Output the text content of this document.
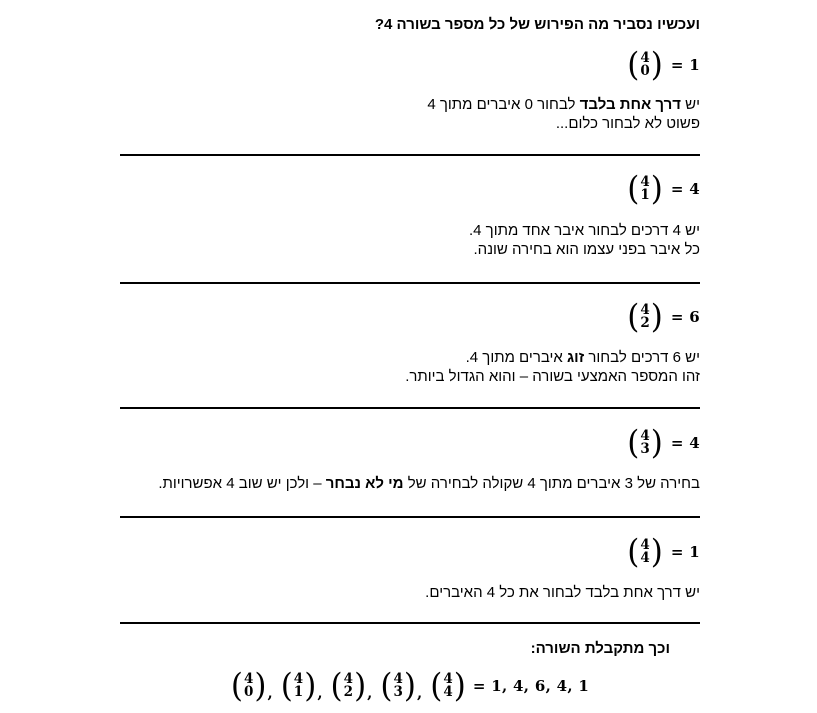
ועכשיו נסביר מה הפירוש של כל מספר בשורה 4?
( 4
0 ) = 1
יש דרך אחת בלבד לבחור 0 איברים מתוך 4
פשוט לא לבחור כלום...
( 4
1 ) = 4
יש 4 דרכים לבחור איבר אחד מתוך 4.
כל איבר בפני עצמו הוא בחירה שונה.
( 4
2 ) = 6
יש 6 דרכים לבחור זוג איברים מתוך 4.
זהו המספר האמצעי בשורה – והוא הגדול ביותר.
( 4
3 ) = 4
בחירה של 3 איברים מתוך 4 שקולה לבחירה של מי לא נבחר – ולכן יש שוב 4 אפשרויות.
( 4
4 ) = 1
יש דרך אחת בלבד לבחור את כל 4 האיברים.
וכך מתקבלת השורה:
( 4
0 ) , ( 4
1 ) , ( 4
2 ) , ( 4
3 ) , ( 4
4 ) = 1, 4, 6, 4, 1
